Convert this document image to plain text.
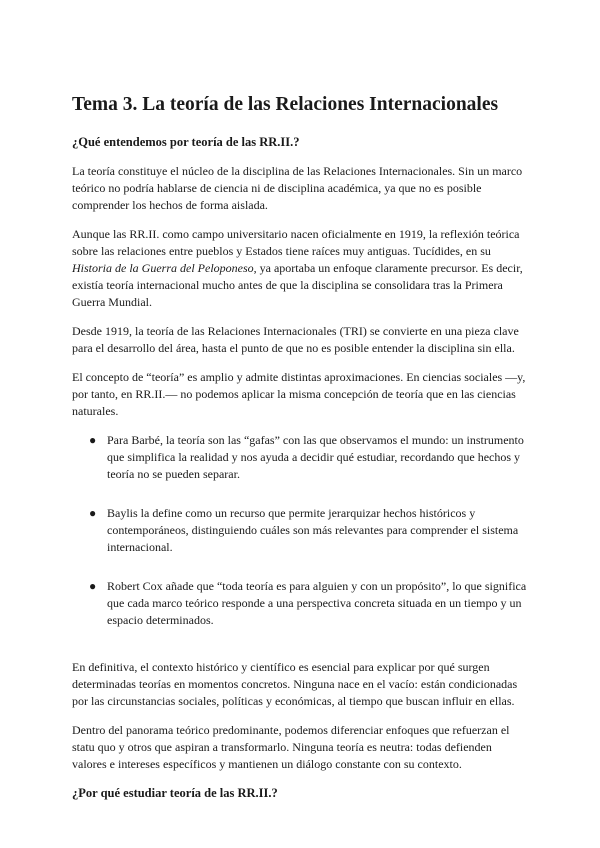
Tema 3. La teoría de las Relaciones Internacionales
¿Qué entendemos por teoría de las RR.II.?

La teoría constituye el núcleo de la disciplina de las Relaciones Internacionales. Sin un marco teórico no podría hablarse de ciencia ni de disciplina académica, ya que no es posible comprender los hechos de forma aislada.

Aunque las RR.II. como campo universitario nacen oficialmente en 1919, la reflexión teórica sobre las relaciones entre pueblos y Estados tiene raíces muy antiguas. Tucídides, en su Historia de la Guerra del Peloponeso, ya aportaba un enfoque claramente precursor. Es decir, existía teoría internacional mucho antes de que la disciplina se consolidara tras la Primera Guerra Mundial.

Desde 1919, la teoría de las Relaciones Internacionales (TRI) se convierte en una pieza clave para el desarrollo del área, hasta el punto de que no es posible entender la disciplina sin ella.

El concepto de “teoría” es amplio y admite distintas aproximaciones. En ciencias sociales —y, por tanto, en RR.II.— no podemos aplicar la misma concepción de teoría que en las ciencias naturales.

● Para Barbé, la teoría son las “gafas” con las que observamos el mundo: un instrumento que simplifica la realidad y nos ayuda a decidir qué estudiar, recordando que hechos y teoría no se pueden separar.
● Baylis la define como un recurso que permite jerarquizar hechos históricos y contemporáneos, distinguiendo cuáles son más relevantes para comprender el sistema internacional.
● Robert Cox añade que “toda teoría es para alguien y con un propósito”, lo que significa que cada marco teórico responde a una perspectiva concreta situada en un tiempo y un espacio determinados.

En definitiva, el contexto histórico y científico es esencial para explicar por qué surgen determinadas teorías en momentos concretos. Ninguna nace en el vacío: están condicionadas por las circunstancias sociales, políticas y económicas, al tiempo que buscan influir en ellas.

Dentro del panorama teórico predominante, podemos diferenciar enfoques que refuerzan el statu quo y otros que aspiran a transformarlo. Ninguna teoría es neutra: todas defienden valores e intereses específicos y mantienen un diálogo constante con su contexto.

¿Por qué estudiar teoría de las RR.II.?
